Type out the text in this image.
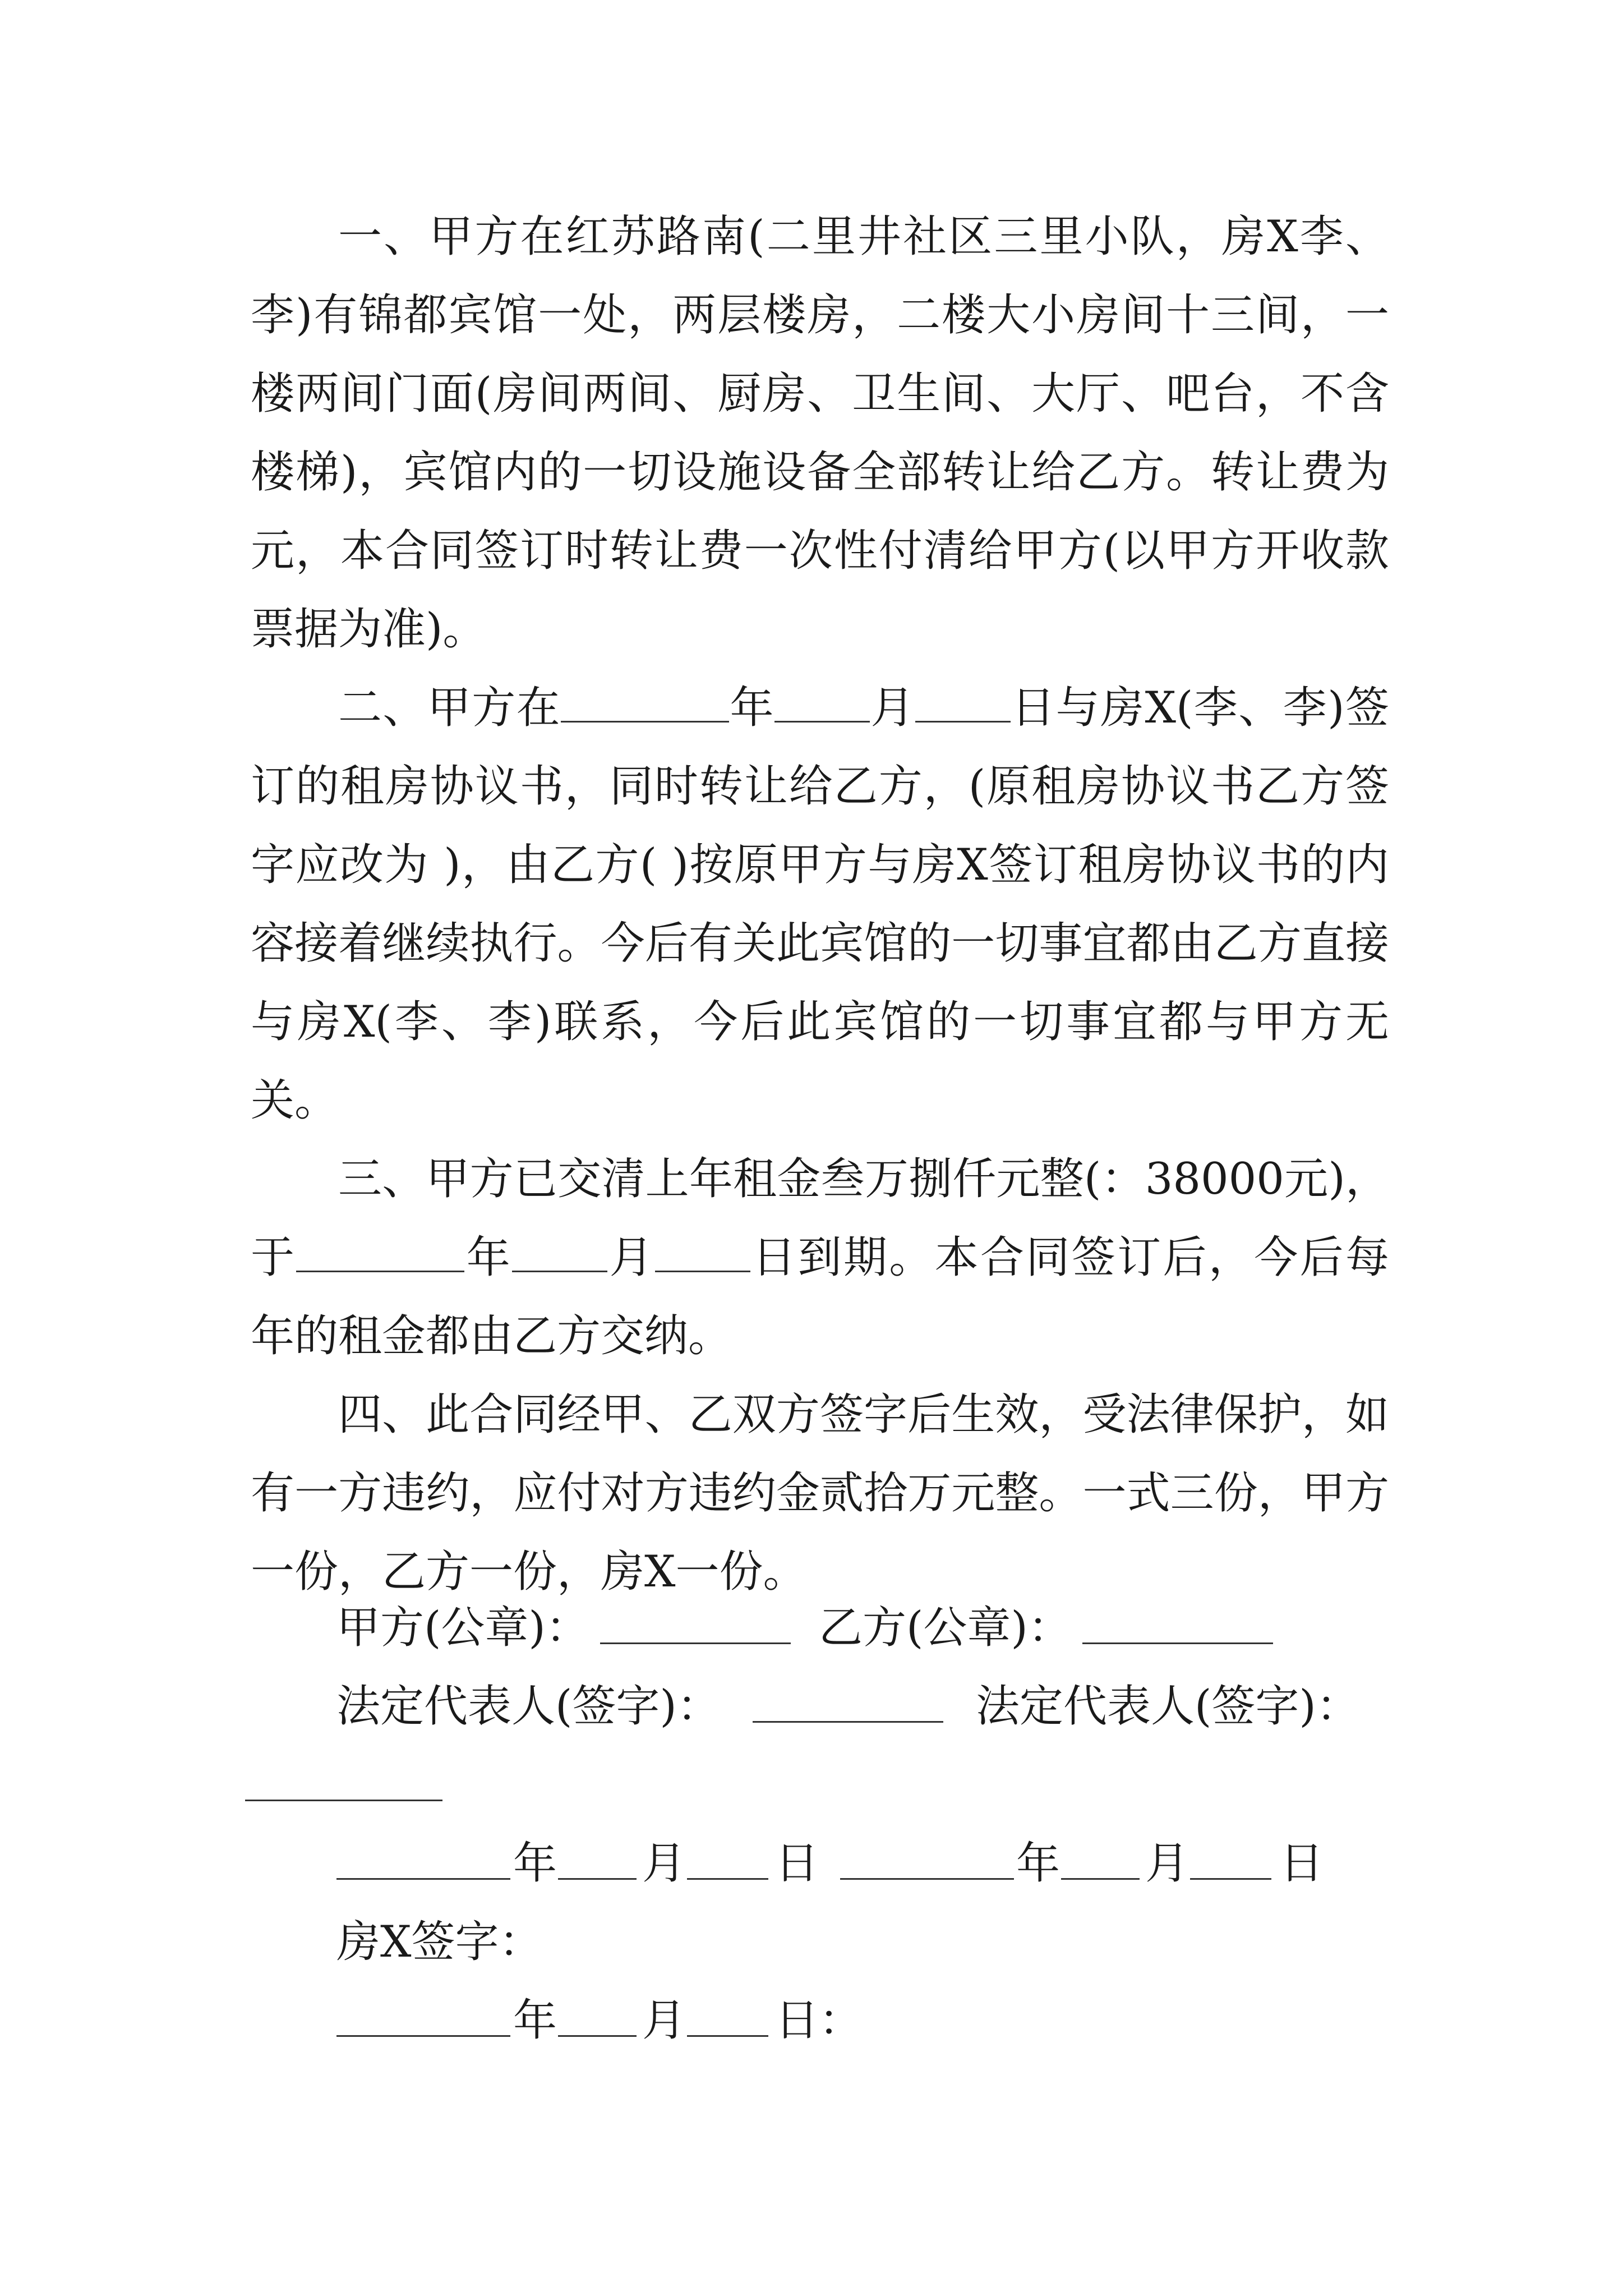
一、甲方在红苏路南(二里井社区三里小队，房X李、李)有锦都宾馆一处，两层楼房，二楼大小房间十三间，一楼两间门面(房间两间、厨房、卫生间、大厅、吧台，不含楼梯)，宾馆内的一切设施设备全部转让给乙方。转让费为元，本合同签订时转让费一次性付清给甲方(以甲方开收款票据为准)。

二、甲方在	年 月 日与房X(李、李)签订的租房协议书，同时转让给乙方，(原租房协议书乙方签字应改为 )，由乙方( )按原甲方与房X签订租房协议书的内容接着继续执行。今后有关此宾馆的一切事宜都由乙方直接与房X(李、李)联系，今后此宾馆的一切事宜都与甲方无关。

三、甲方已交清上年租金叁万捌仟元整(：38000元)，于	年 月 日到期。本合同签订后，今后每年的租金都由乙方交纳。

四、此合同经甲、乙双方签字后生效，受法律保护，如有一方违约，应付对方违约金贰拾万元整。一式三份，甲方一份，乙方一份，房X一份。

甲方(公章)：	乙方(公章)：
法定代表人(签字)：	法定代表人(签字)：
年 月 日	年 月 日
房X签字：
年 月 日：
